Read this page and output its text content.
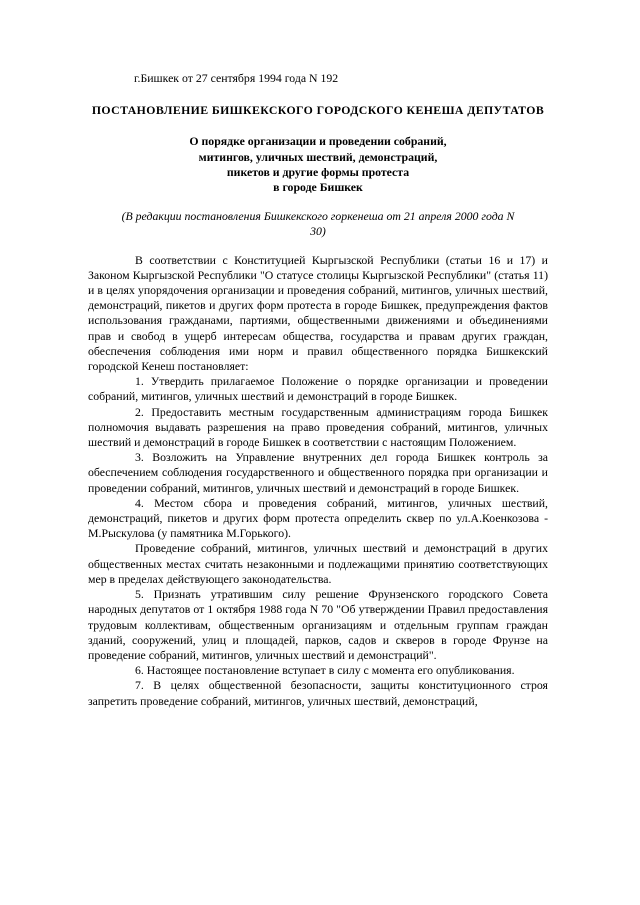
г.Бишкек от 27 сентября 1994 года N 192
ПОСТАНОВЛЕНИЕ БИШКЕКСКОГО ГОРОДСКОГО КЕНЕША ДЕПУТАТОВ
О порядке организации и проведении собраний,
митингов, уличных шествий, демонстраций,
пикетов и другие формы протеста
в городе Бишкек
(В редакции постановления Бишкекского горкенеша от 21 апреля 2000 года N
30)

В соответствии с Конституцией Кыргызской Республики (статьи 16 и 17) и Законом Кыргызской Республики "О статусе столицы Кыргызской Республики" (статья 11) и в целях упорядочения организации и проведения собраний, митингов, уличных шествий, демонстраций, пикетов и других форм протеста в городе Бишкек, предупреждения фактов использования гражданами, партиями, общественными движениями и объединениями прав и свобод в ущерб интересам общества, государства и правам других граждан, обеспечения соблюдения ими норм и правил общественного порядка Бишкекский городской Кенеш постановляет:

1. Утвердить прилагаемое Положение о порядке организации и проведении собраний, митингов, уличных шествий и демонстраций в городе Бишкек.

2. Предоставить местным государственным администрациям города Бишкек полномочия выдавать разрешения на право проведения собраний, митингов, уличных шествий и демонстраций в городе Бишкек в соответствии с настоящим Положением.

3. Возложить на Управление внутренних дел города Бишкек контроль за обеспечением соблюдения государственного и общественного порядка при организации и проведении собраний, митингов, уличных шествий и демонстраций в городе Бишкек.

4. Местом сбора и проведения собраний, митингов, уличных шествий, демонстраций, пикетов и других форм протеста определить сквер по ул.А.Коенкозова - М.Рыскулова (у памятника М.Горького).

Проведение собраний, митингов, уличных шествий и демонстраций в других общественных местах считать незаконными и подлежащими принятию соответствующих мер в пределах действующего законодательства.

5. Признать утратившим силу решение Фрунзенского городского Совета народных депутатов от 1 октября 1988 года N 70 "Об утверждении Правил предоставления трудовым коллективам, общественным организациям и отдельным группам граждан зданий, сооружений, улиц и площадей, парков, садов и скверов в городе Фрунзе на проведение собраний, митингов, уличных шествий и демонстраций".

6. Настоящее постановление вступает в силу с момента его опубликования.

7. В целях общественной безопасности, защиты конституционного строя запретить проведение собраний, митингов, уличных шествий, демонстраций,
